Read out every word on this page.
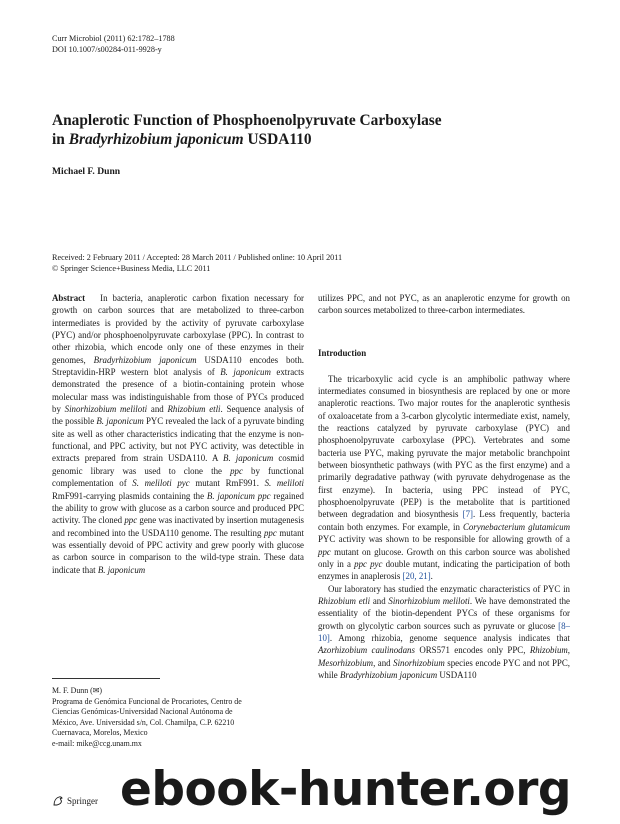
Curr Microbiol (2011) 62:1782–1788
DOI 10.1007/s00284-011-9928-y
Anaplerotic Function of Phosphoenolpyruvate Carboxylase
in Bradyrhizobium japonicum USDA110
Michael F. Dunn
Received: 2 February 2011 / Accepted: 28 March 2011 / Published online: 10 April 2011
© Springer Science+Business Media, LLC 2011

Abstract In bacteria, anaplerotic carbon fixation necessary for growth on carbon sources that are metabolized to three-carbon intermediates is provided by the activity of pyruvate carboxylase (PYC) and/or phosphoenolpyruvate carboxylase (PPC). In contrast to other rhizobia, which encode only one of these enzymes in their genomes, Bradyrhizobium japonicum USDA110 encodes both. Streptavidin-HRP western blot analysis of B. japonicum extracts demonstrated the presence of a biotin-containing protein whose molecular mass was indistinguishable from those of PYCs produced by Sinorhizobium meliloti and Rhizobium etli. Sequence analysis of the possible B. japonicum PYC revealed the lack of a pyruvate binding site as well as other characteristics indicating that the enzyme is non-functional, and PPC activity, but not PYC activity, was detectible in extracts prepared from strain USDA110. A B. japonicum cosmid genomic library was used to clone the ppc by functional complementation of S. meliloti pyc mutant RmF991. S. meliloti RmF991-carrying plasmids containing the B. japonicum ppc regained the ability to grow with glucose as a carbon source and produced PPC activity. The cloned ppc gene was inactivated by insertion mutagenesis and recombined into the USDA110 genome. The resulting ppc mutant was essentially devoid of PPC activity and grew poorly with glucose as carbon source in comparison to the wild-type strain. These data indicate that B. japonicum

utilizes PPC, and not PYC, as an anaplerotic enzyme for growth on carbon sources metabolized to three-carbon intermediates.

Introduction

The tricarboxylic acid cycle is an amphibolic pathway where intermediates consumed in biosynthesis are replaced by one or more anaplerotic reactions. Two major routes for the anaplerotic synthesis of oxaloacetate from a 3-carbon glycolytic intermediate exist, namely, the reactions catalyzed by pyruvate carboxylase (PYC) and phosphoenolpyruvate carboxylase (PPC). Vertebrates and some bacteria use PYC, making pyruvate the major metabolic branchpoint between biosynthetic pathways (with PYC as the first enzyme) and a primarily degradative pathway (with pyruvate dehydrogenase as the first enzyme). In bacteria, using PPC instead of PYC, phosphoenolpyruvate (PEP) is the metabolite that is partitioned between degradation and biosynthesis [7]. Less frequently, bacteria contain both enzymes. For example, in Corynebacterium glutamicum PYC activity was shown to be responsible for allowing growth of a ppc mutant on glucose. Growth on this carbon source was abolished only in a ppc pyc double mutant, indicating the participation of both enzymes in anaplerosis [20, 21].

Our laboratory has studied the enzymatic characteristics of PYC in Rhizobium etli and Sinorhizobium meliloti. We have demonstrated the essentiality of the biotin-dependent PYCs of these organisms for growth on glycolytic carbon sources such as pyruvate or glucose [8–10]. Among rhizobia, genome sequence analysis indicates that Azorhizobium caulinodans ORS571 encodes only PPC, Rhizobium, Mesorhizobium, and Sinorhizobium species encode PYC and not PPC, while Bradyrhizobium japonicum USDA110

M. F. Dunn (✉)
Programa de Genómica Funcional de Procariotes, Centro de
Ciencias Genómicas-Universidad Nacional Autónoma de
México, Ave. Universidad s/n, Col. Chamilpa, C.P. 62210
Cuernavaca, Morelos, Mexico
e-mail: mike@ccg.unam.mx
Springer ebook-hunter.org
